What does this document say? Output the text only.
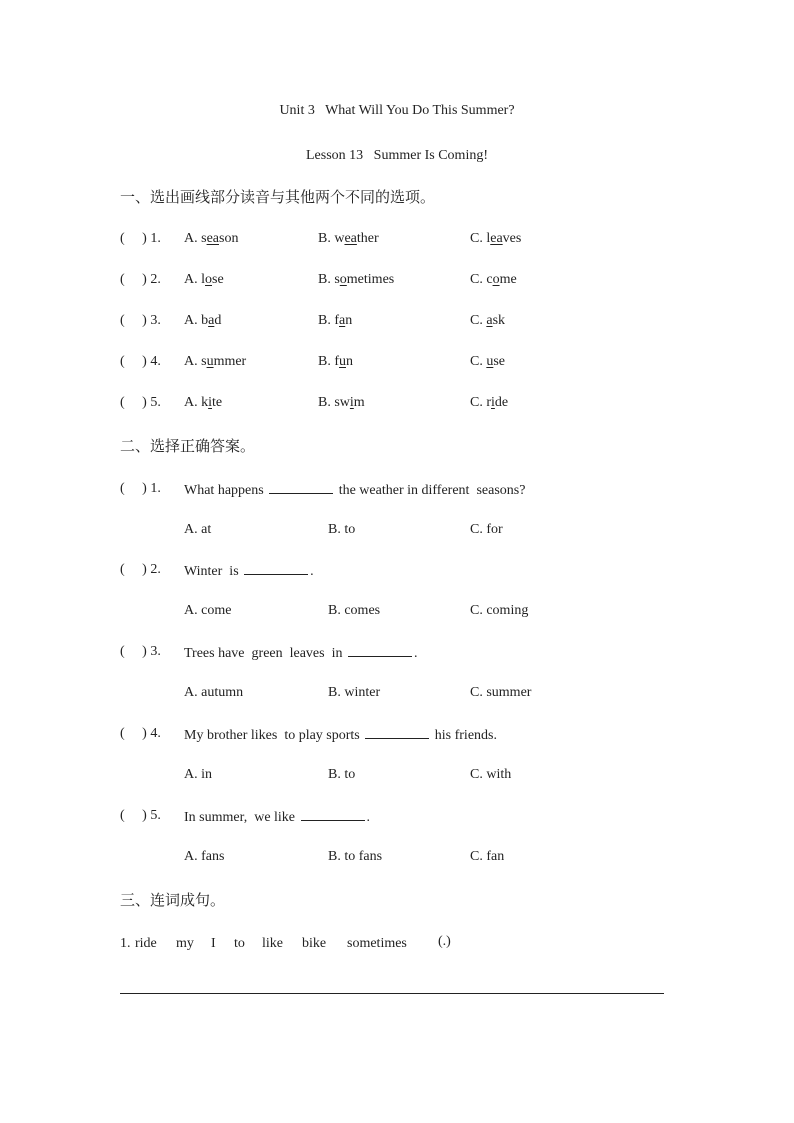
Unit 3   What Will You Do This Summer?
Lesson 13   Summer Is Coming!
一、选出画线部分读音与其他两个不同的选项。
( ) 1. A. season	B. weather	C. leaves
( ) 2. A. lose	B. sometimes	C. come
( ) 3. A. bad	B. fan	C. ask
( ) 4. A. summer	B. fun	C. use
( ) 5. A. kite	B. swim	C. ride
二、选择正确答案。
( ) 1. What happens	the weather in different  seasons?
A. at	B. to	C. for
( ) 2. Winter  is	.
A. come	B. comes	C. coming
( ) 3. Trees have  green  leaves  in	.
A. autumn	B. winter	C. summer
( ) 4. My brother likes  to play sports	his friends.
A. in	B. to	C. with
( ) 5. In summer,  we like	.
A. fans	B. to fans	C. fan
三、连词成句。
1. ride my I to like bike sometimes (.)
